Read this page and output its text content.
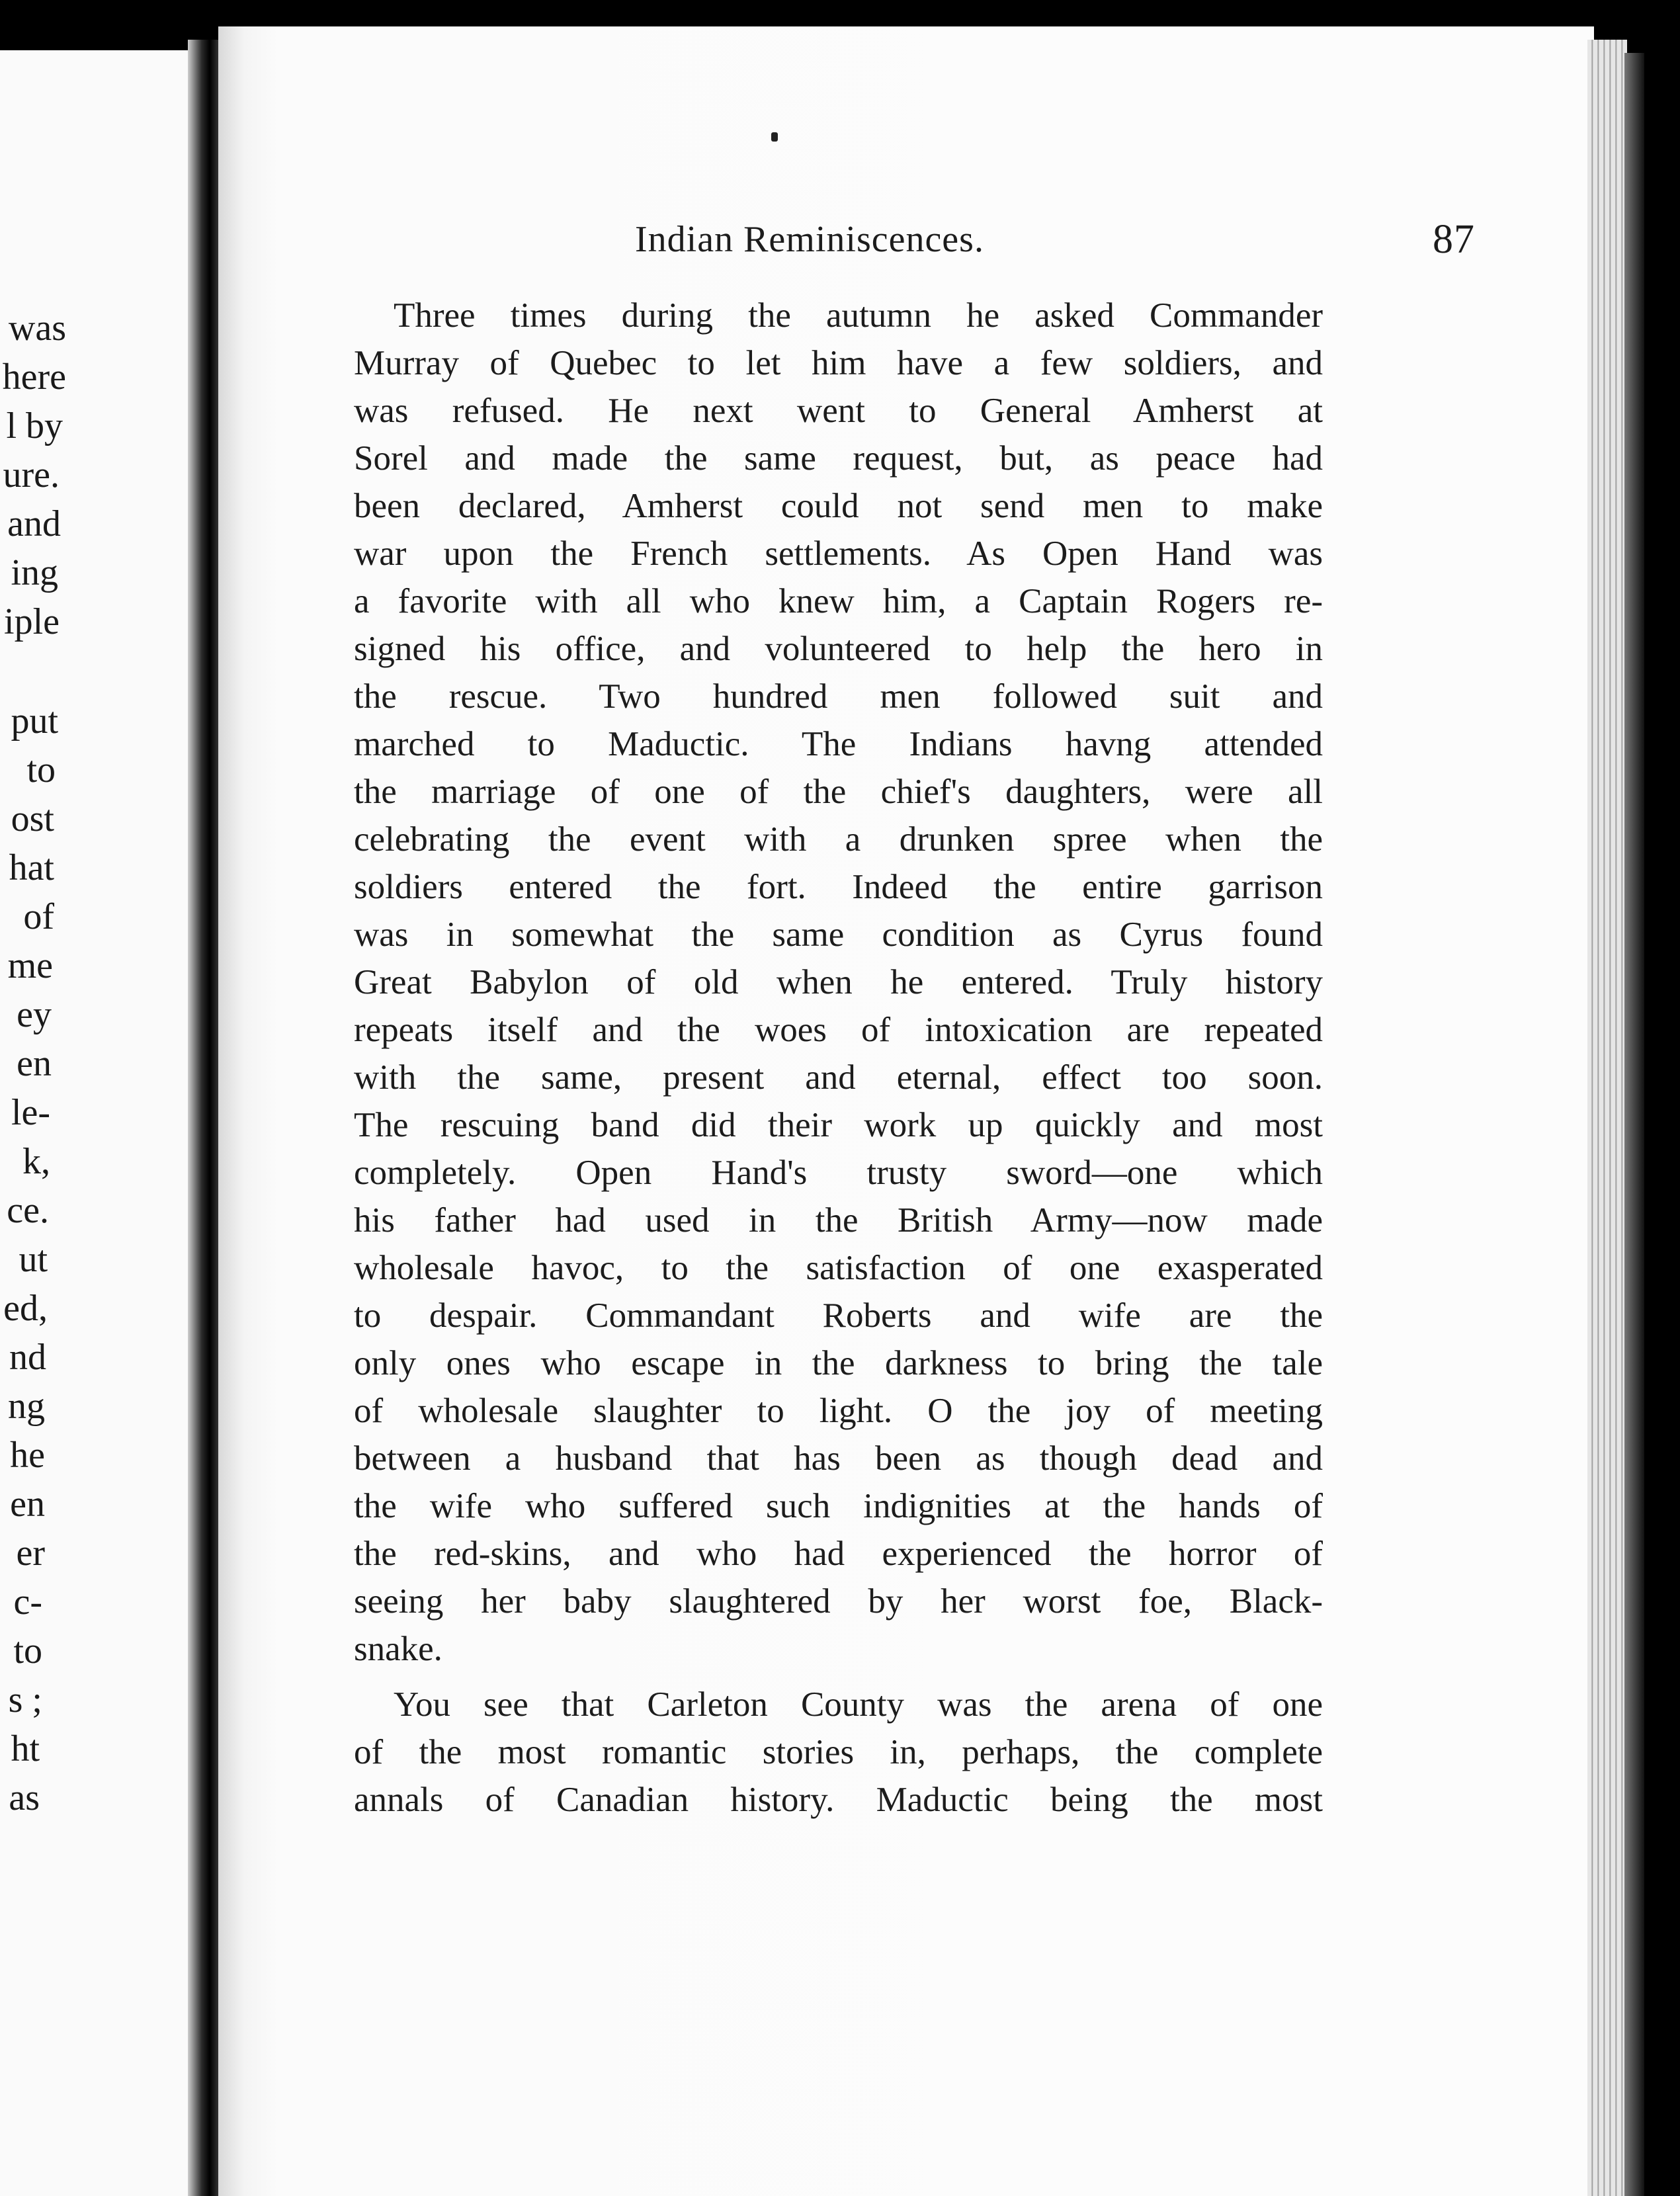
was
here
l by
ure.
and
ing
iple
put
to
ost
hat
of
me
ey
en
le-
k,
ce.
ut
ed,
nd
ng
he
en
er
c-
to
s ;
ht
as
Indian Reminiscences.	87
Three times during the autumn he asked Commander
Murray of Quebec to let him have a few soldiers, and
was refused. He next went to General Amherst at
Sorel and made the same request, but, as peace had
been declared, Amherst could not send men to make
war upon the French settlements. As Open Hand was
a favorite with all who knew him, a Captain Rogers re-
signed his office, and volunteered to help the hero in
the rescue. Two hundred men followed suit and
marched to Maductic. The Indians havng attended
the marriage of one of the chief's daughters, were all
celebrating the event with a drunken spree when the
soldiers entered the fort. Indeed the entire garrison
was in somewhat the same condition as Cyrus found
Great Babylon of old when he entered. Truly history
repeats itself and the woes of intoxication are repeated
with the same, present and eternal, effect too soon.
The rescuing band did their work up quickly and most
completely. Open Hand's trusty sword—one which
his father had used in the British Army—now made
wholesale havoc, to the satisfaction of one exasperated
to despair. Commandant Roberts and wife are the
only ones who escape in the darkness to bring the tale
of wholesale slaughter to light. O the joy of meeting
between a husband that has been as though dead and
the wife who suffered such indignities at the hands of
the red-skins, and who had experienced the horror of
seeing her baby slaughtered by her worst foe, Black-
snake.
You see that Carleton County was the arena of one
of the most romantic stories in, perhaps, the complete
annals of Canadian history. Maductic being the most
